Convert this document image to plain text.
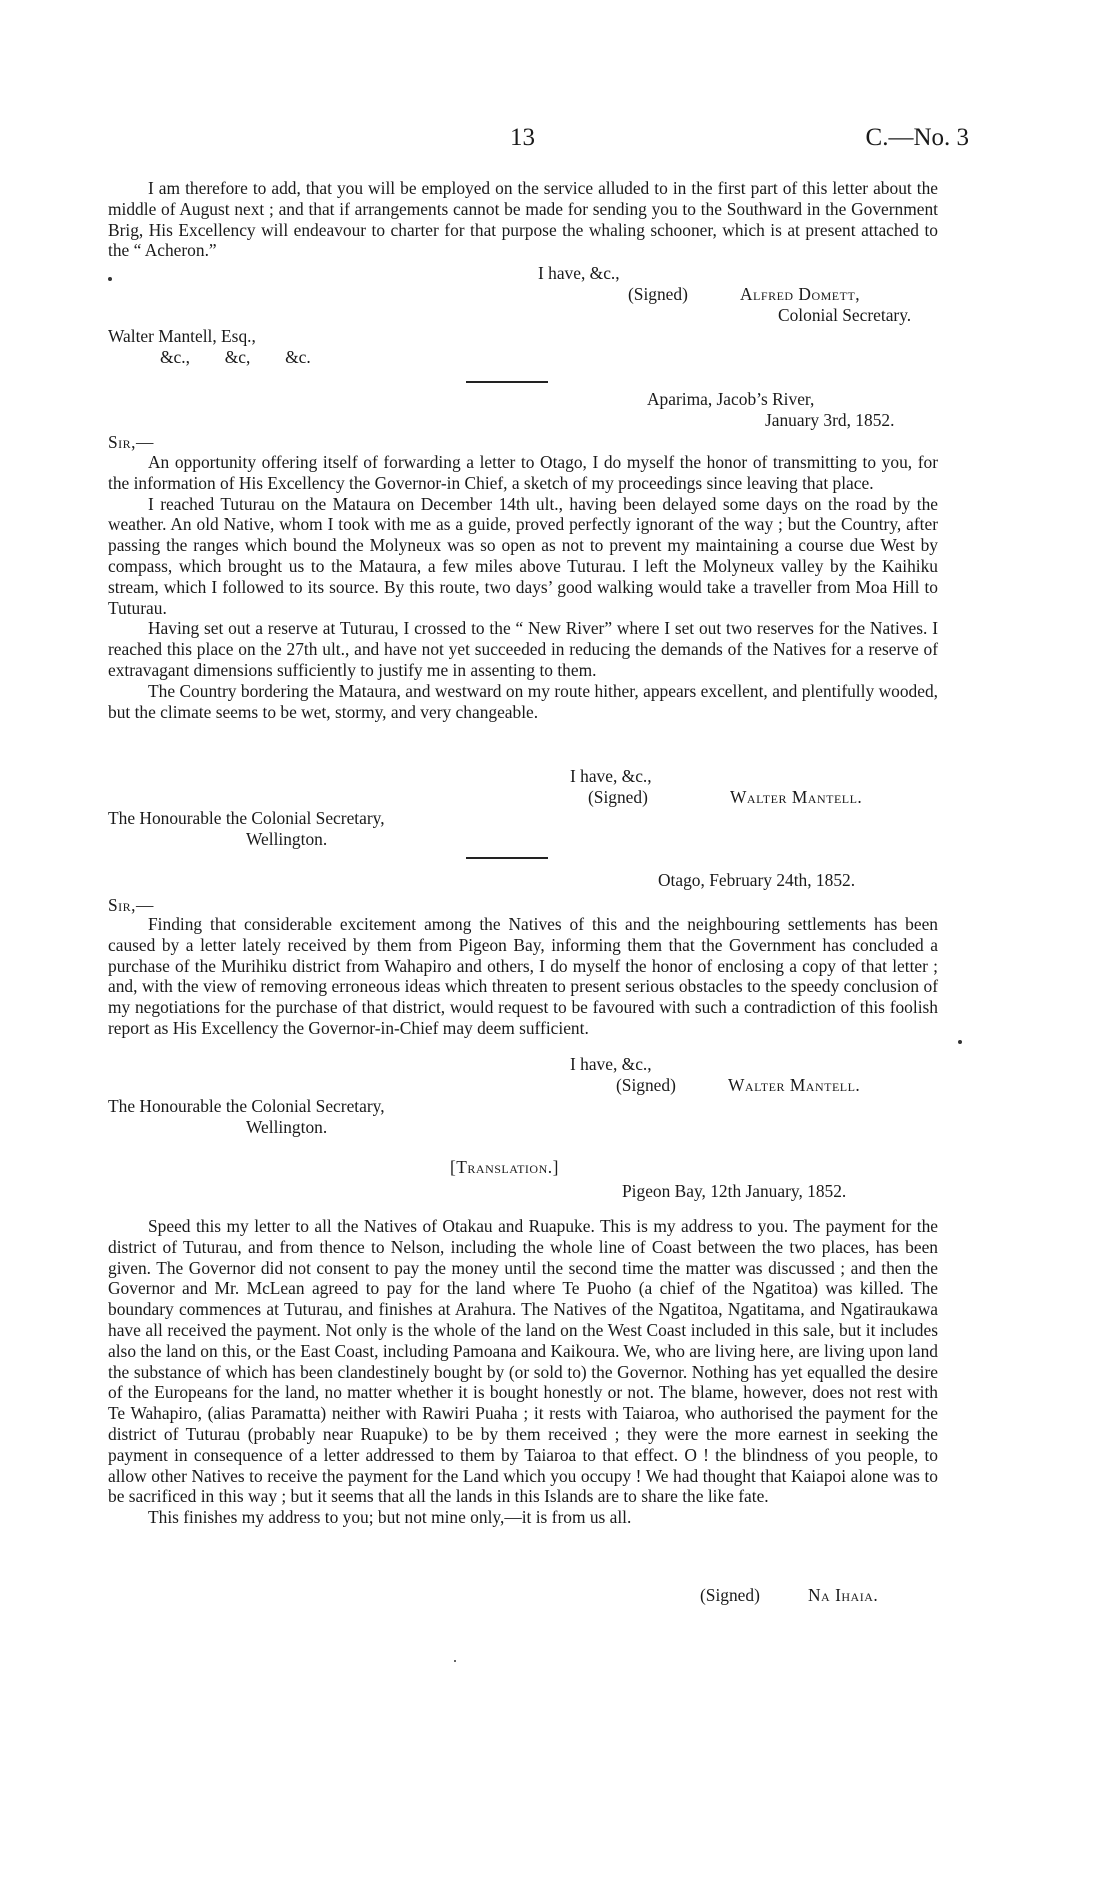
13	C.—No. 3

I am therefore to add, that you will be employed on the service alluded to in the first part of this letter about the middle of August next ; and that if arrangements cannot be made for sending you to the Southward in the Government Brig, His Excellency will endeavour to charter for that purpose the whaling schooner, which is at present attached to the “ Acheron.”

I have, &c.,
(Signed)	Alfred Domett,
Colonial Secretary.
Walter Mantell, Esq.,
&c.,        &c,        &c.
Aparima, Jacob’s River,
January 3rd, 1852.
Sir,—

An opportunity offering itself of forwarding a letter to Otago, I do myself the honor of transmitting to you, for the information of His Excellency the Governor-in Chief, a sketch of my proceedings since leaving that place.

I reached Tuturau on the Mataura on December 14th ult., having been delayed some days on the road by the weather. An old Native, whom I took with me as a guide, proved perfectly ignorant of the way ; but the Country, after passing the ranges which bound the Molyneux was so open as not to prevent my maintaining a course due West by compass, which brought us to the Mataura, a few miles above Tuturau. I left the Molyneux valley by the Kaihiku stream, which I followed to its source. By this route, two days’ good walking would take a traveller from Moa Hill to Tuturau.

Having set out a reserve at Tuturau, I crossed to the “ New River” where I set out two reserves for the Natives. I reached this place on the 27th ult., and have not yet succeeded in reducing the demands of the Natives for a reserve of extravagant dimensions sufficiently to justify me in assenting to them.

The Country bordering the Mataura, and westward on my route hither, appears excellent, and plentifully wooded, but the climate seems to be wet, stormy, and very changeable.

I have, &c.,
(Signed)	Walter Mantell.
The Honourable the Colonial Secretary,
Wellington.
Otago, February 24th, 1852.
Sir,—

Finding that considerable excitement among the Natives of this and the neighbouring settlements has been caused by a letter lately received by them from Pigeon Bay, informing them that the Government has concluded a purchase of the Murihiku district from Wahapiro and others, I do myself the honor of enclosing a copy of that letter ; and, with the view of removing erroneous ideas which threaten to present serious obstacles to the speedy conclusion of my negotiations for the purchase of that district, would request to be favoured with such a contradiction of this foolish report as His Excellency the Governor-in-Chief may deem sufficient.

I have, &c.,
(Signed)	Walter Mantell.
The Honourable the Colonial Secretary,
Wellington.
[Translation.]
Pigeon Bay, 12th January, 1852.

Speed this my letter to all the Natives of Otakau and Ruapuke. This is my address to you. The payment for the district of Tuturau, and from thence to Nelson, including the whole line of Coast between the two places, has been given. The Governor did not consent to pay the money until the second time the matter was discussed ; and then the Governor and Mr. McLean agreed to pay for the land where Te Puoho (a chief of the Ngatitoa) was killed. The boundary commences at Tuturau, and finishes at Arahura. The Natives of the Ngatitoa, Ngatitama, and Ngatiraukawa have all received the payment. Not only is the whole of the land on the West Coast included in this sale, but it includes also the land on this, or the East Coast, including Pamoana and Kaikoura. We, who are living here, are living upon land the substance of which has been clandestinely bought by (or sold to) the Governor. Nothing has yet equalled the desire of the Europeans for the land, no matter whether it is bought honestly or not. The blame, however, does not rest with Te Wahapiro, (alias Paramatta) neither with Rawiri Puaha ; it rests with Taiaroa, who authorised the payment for the district of Tuturau (probably near Ruapuke) to be by them received ; they were the more earnest in seeking the payment in consequence of a letter addressed to them by Taiaroa to that effect. O ! the blindness of you people, to allow other Natives to receive the payment for the Land which you occupy ! We had thought that Kaiapoi alone was to be sacrificed in this way ; but it seems that all the lands in this Islands are to share the like fate.

This finishes my address to you; but not mine only,—it is from us all.

(Signed)	Na Ihaia.
